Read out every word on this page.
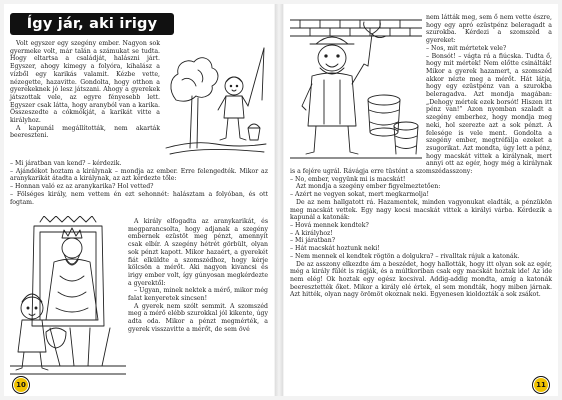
Így jár, aki irigy

Volt egyszer egy szegény ember. Nagyon sok gyermeke volt, már talán a számukat se tudta. Hogy eltartsa a családját, halászni járt. Egyszer, ahogy kimegy a folyóra, kihalász a vízből egy karikás valamit. Kézbe vette, nézegette, hazavitte. Gondolta, hogy otthon a gyerekeknek jó lesz játszani. Ahogy a gyerekek játszottak vele, az egyre fényesebb lett. Egyszer csak látta, hogy aranyból van a karika. Összeszedte a cókmókját, a karikát vitte a királyhoz.

A kapunál megállították, nem akarták beereszteni.

– Mi járatban van kend? – kérdezik.

– Ajándékot hoztam a királynak – mondja az ember. Erre felengedték. Mikor az aranykarikát átadta a királynak, az azt kérdezte tőle:

– Honnan való ez az aranykarika? Hol vetted?

– Fölséges király, nem vettem én ezt sehonnét: halásztam a folyóban, és ott fogtam.

A király elfogadta az aranykarikát, és megparancsolta, hogy adjanak a szegény embernek ezüstöt meg pénzt, amennyit csak elbír. A szegény hétrét görbült, olyan sok pénzt kapott. Mikor hazaért, a gyerekét fiát elküldte a szomszédhoz, hogy kérje kölcsön a mérőt. Aki nagyon kivancsi és irigy ember volt, így gúnyosan megkérdezte a gyerektől:

– Ugyan, minek nektek a mérő, mikor még falat kenyeretek sincsen!

A gyerek nem szólt semmit. A szomszéd meg a mérő elébb szurokkal jól kikente, úgy adta oda. Mikor a pénzt megmérték, a gyerek visszavitte a mérőt, de sem övé

10

nem látták meg, sem ő nem vette észre, hogy egy apró ezüstpénz beleragadt a szurokba. Kérdezi a szomszéd a gyereket:

– Nos, mit mértetek vele?

– Bonsót! – vágta rá a fiúcska. Tudta ő, hogy mit mértek! Nem előtte csinálták! Mikor a gyerek hazamert, a szomszéd akkor nézte meg a mérőt. Hát látja, hogy egy ezüstpénz van a szurokba beleragadva. Azt mondja magában: „Dehogy mértek ezek borsót! Hiszen itt pénz van!” Azon nyomban szaladt a szegény emberhez, hogy mondja meg neki, hol szerezte azt a sok pénzt. A felesége is vele ment. Gondolta a szegény ember, megtréfálja ezeket a zsugorikat. Azt mondta, úgy lett a pénz, hogy macskát vittek a királynak, mert annyi ott az egér, hogy még a királynak is a fejére ugrál. Rávágja erre tüstént a szomszédasszony:

– No, ember, vegyünk mi is macskát!

Azt mondja a szegény ember figyelmeztetően:

– Azért ne vegyen sokat, mert megkarmolja!

De az nem hallgatott rá. Hazamentek, minden vagyonukat eladták, a pénzükön meg macskát vettek. Egy nagy kocsi macskát vittek a királyi várba. Kérdezik a kapunál a katonák:

– Hová mennek kendtek?

– A királyhoz!

– Mi járatban?

– Hát macskát hoztunk neki!

– Nem mennek el kendtek rögtön a dolgukra? – rivalltak rájuk a katonák.

De az asszony elkezdte ám a beszédet, hogy hallották, hogy itt olyan sok az egér, még a király fülét is rágják, és a múltkoriban csak egy macskát hoztak ide! Az ide nem elég! Ok hoztak egy egész kocsival. Addig-addig mondta, amíg a katonák beeresztették őket. Mikor a király elé értek, el sem mondták, hogy miben járnak. Azt hitték, olyan nagy örömöt okoznak neki. Egyenesen kioldozták a sok zsákot.

11
